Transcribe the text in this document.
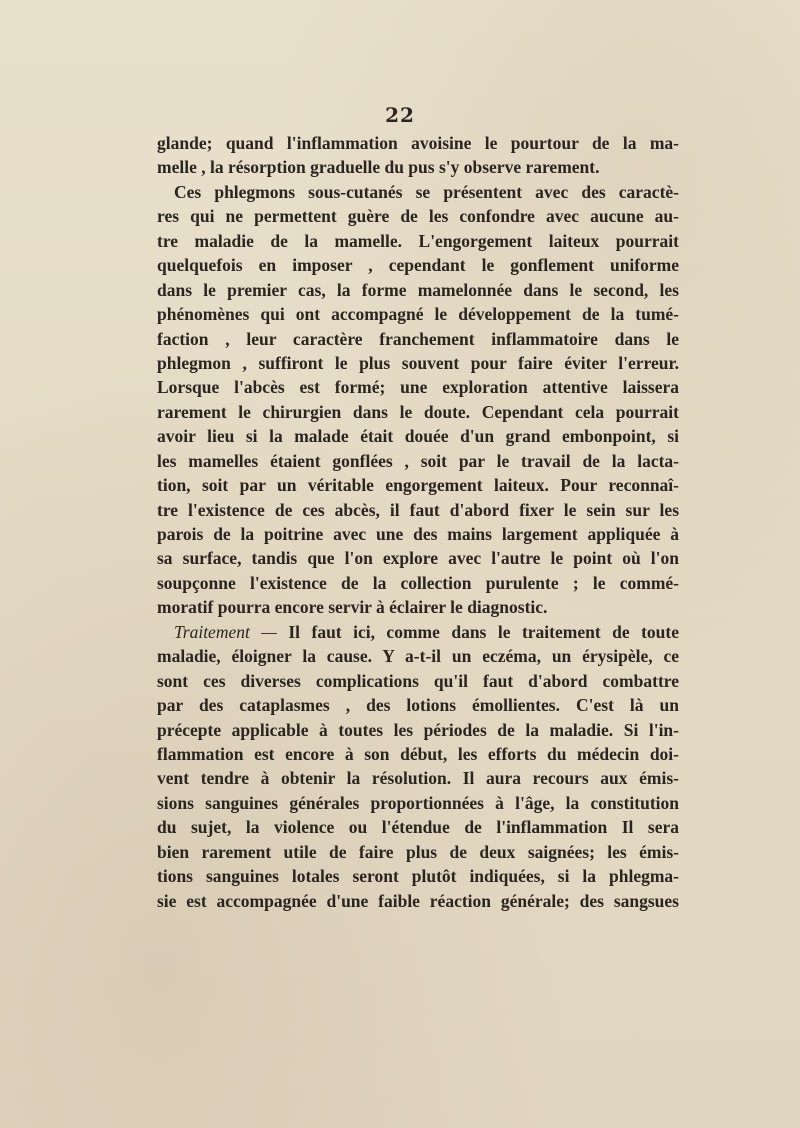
22
glande; quand l'inflammation avoisine le pourtour de la ma-
melle , la résorption graduelle du pus s'y observe rarement.
Ces phlegmons sous-cutanés se présentent avec des caractè-
res qui ne permettent guère de les confondre avec aucune au-
tre maladie de la mamelle. L'engorgement laiteux pourrait
quelquefois en imposer , cependant le gonflement uniforme
dans le premier cas, la forme mamelonnée dans le second, les
phénomènes qui ont accompagné le développement de la tumé-
faction , leur caractère franchement inflammatoire dans le
phlegmon , suffiront le plus souvent pour faire éviter l'erreur.
Lorsque l'abcès est formé; une exploration attentive laissera
rarement le chirurgien dans le doute. Cependant cela pourrait
avoir lieu si la malade était douée d'un grand embonpoint, si
les mamelles étaient gonflées , soit par le travail de la lacta-
tion, soit par un véritable engorgement laiteux. Pour reconnaî-
tre l'existence de ces abcès, il faut d'abord fixer le sein sur les
parois de la poitrine avec une des mains largement appliquée à
sa surface, tandis que l'on explore avec l'autre le point où l'on
soupçonne l'existence de la collection purulente ; le commé-
moratif pourra encore servir à éclairer le diagnostic.
Traitement — Il faut ici, comme dans le traitement de toute
maladie, éloigner la cause. Y a-t-il un eczéma, un érysipèle, ce
sont ces diverses complications qu'il faut d'abord combattre
par des cataplasmes , des lotions émollientes. C'est là un
précepte applicable à toutes les périodes de la maladie. Si l'in-
flammation est encore à son début, les efforts du médecin doi-
vent tendre à obtenir la résolution. Il aura recours aux émis-
sions sanguines générales proportionnées à l'âge, la constitution
du sujet, la violence ou l'étendue de l'inflammation Il sera
bien rarement utile de faire plus de deux saignées; les émis-
tions sanguines lotales seront plutôt indiquées, si la phlegma-
sie est accompagnée d'une faible réaction générale; des sangsues
